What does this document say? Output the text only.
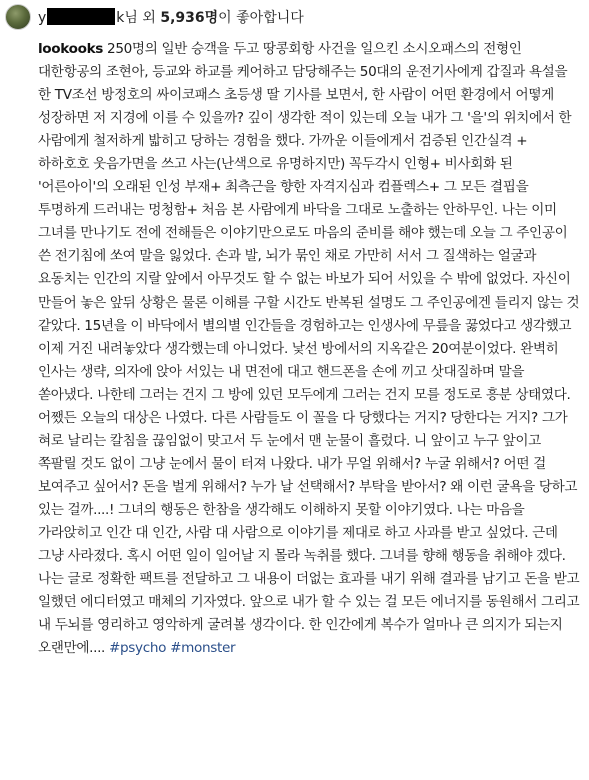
y	k님 외 5,936명이 좋아합니다
lookooks 250명의 일반 승객을 두고 땅콩회항 사건을 일으킨 소시오패스의 전형인 대한항공의 조현아, 등교와 하교를 케어하고 담당해주는 50대의 운전기사에게 갑질과 욕설을 한 TV조선 방정호의 싸이코패스 초등생 딸 기사를 보면서, 한 사람이 어떤 환경에서 어떻게 성장하면 저 지경에 이를 수 있을까? 깊이 생각한 적이 있는데 오늘 내가 그 '을'의 위치에서 한 사람에게 철저하게 밟히고 당하는 경험을 했다. 가까운 이들에게서 검증된 인간실격 + 하하호호 웃음가면을 쓰고 사는(난색으로 유명하지만) 꼭두각시 인형+ 비사회화 된 '어른아이'의 오래된 인성 부재+ 최측근을 향한 자격지심과 컴플렉스+ 그 모든 결핍을 투명하게 드러내는 멍청함+ 처음 본 사람에게 바닥을 그대로 노출하는 안하무인. 나는 이미 그녀를 만나기도 전에 전해들은 이야기만으로도 마음의 준비를 해야 했는데 오늘 그 주인공이 쓴 전기침에 쏘여 말을 잃었다. 손과 발, 뇌가 묶인 채로 가만히 서서 그 질색하는 얼굴과 요동치는 인간의 지랄 앞에서 아무것도 할 수 없는 바보가 되어 서있을 수 밖에 없었다. 자신이 만들어 놓은 앞뒤 상황은 물론 이해를 구할 시간도 반복된 설명도 그 주인공에겐 들리지 않는 것 같았다. 15년을 이 바닥에서 별의별 인간들을 경험하고는 인생사에 무릎을 꿇었다고 생각했고 이제 거진 내려놓았다 생각했는데 아니었다. 낯선 방에서의 지옥같은 20여분이었다. 완벽히 인사는 생략, 의자에 앉아 서있는 내 면전에 대고 핸드폰을 손에 끼고 삿대질하며 말을 쏟아냈다. 나한테 그러는 건지 그 방에 있던 모두에게 그러는 건지 모를 정도로 흥분 상태였다. 어쨌든 오늘의 대상은 나였다. 다른 사람들도 이 꼴을 다 당했다는 거지? 당한다는 거지? 그가 혀로 날리는 칼침을 끊임없이 맞고서 두 눈에서 맨 눈물이 흘렀다. 니 앞이고 누구 앞이고 쪽팔릴 것도 없이 그냥 눈에서 물이 터져 나왔다. 내가 무얼 위해서? 누굴 위해서? 어떤 걸 보여주고 싶어서? 돈을 벌게 위해서? 누가 날 선택해서? 부탁을 받아서? 왜 이런 굴욕을 당하고 있는 걸까....! 그녀의 행동은 한참을 생각해도 이해하지 못할 이야기였다. 나는 마음을 가라앉히고 인간 대 인간, 사람 대 사람으로 이야기를 제대로 하고 사과를 받고 싶었다. 근데 그냥 사라졌다. 혹시 어떤 일이 일어날 지 몰라 녹취를 했다. 그녀를 향해 행동을 취해야 겠다. 나는 글로 정확한 팩트를 전달하고 그 내용이 더없는 효과를 내기 위해 결과를 남기고 돈을 받고 일했던 에디터였고 매체의 기자였다. 앞으로 내가 할 수 있는 걸 모든 에너지를 동원해서 그리고 내 두뇌를 영리하고 영악하게 굴려볼 생각이다. 한 인간에게 복수가 얼마나 큰 의지가 되는지 오랜만에.... #psycho #monster
